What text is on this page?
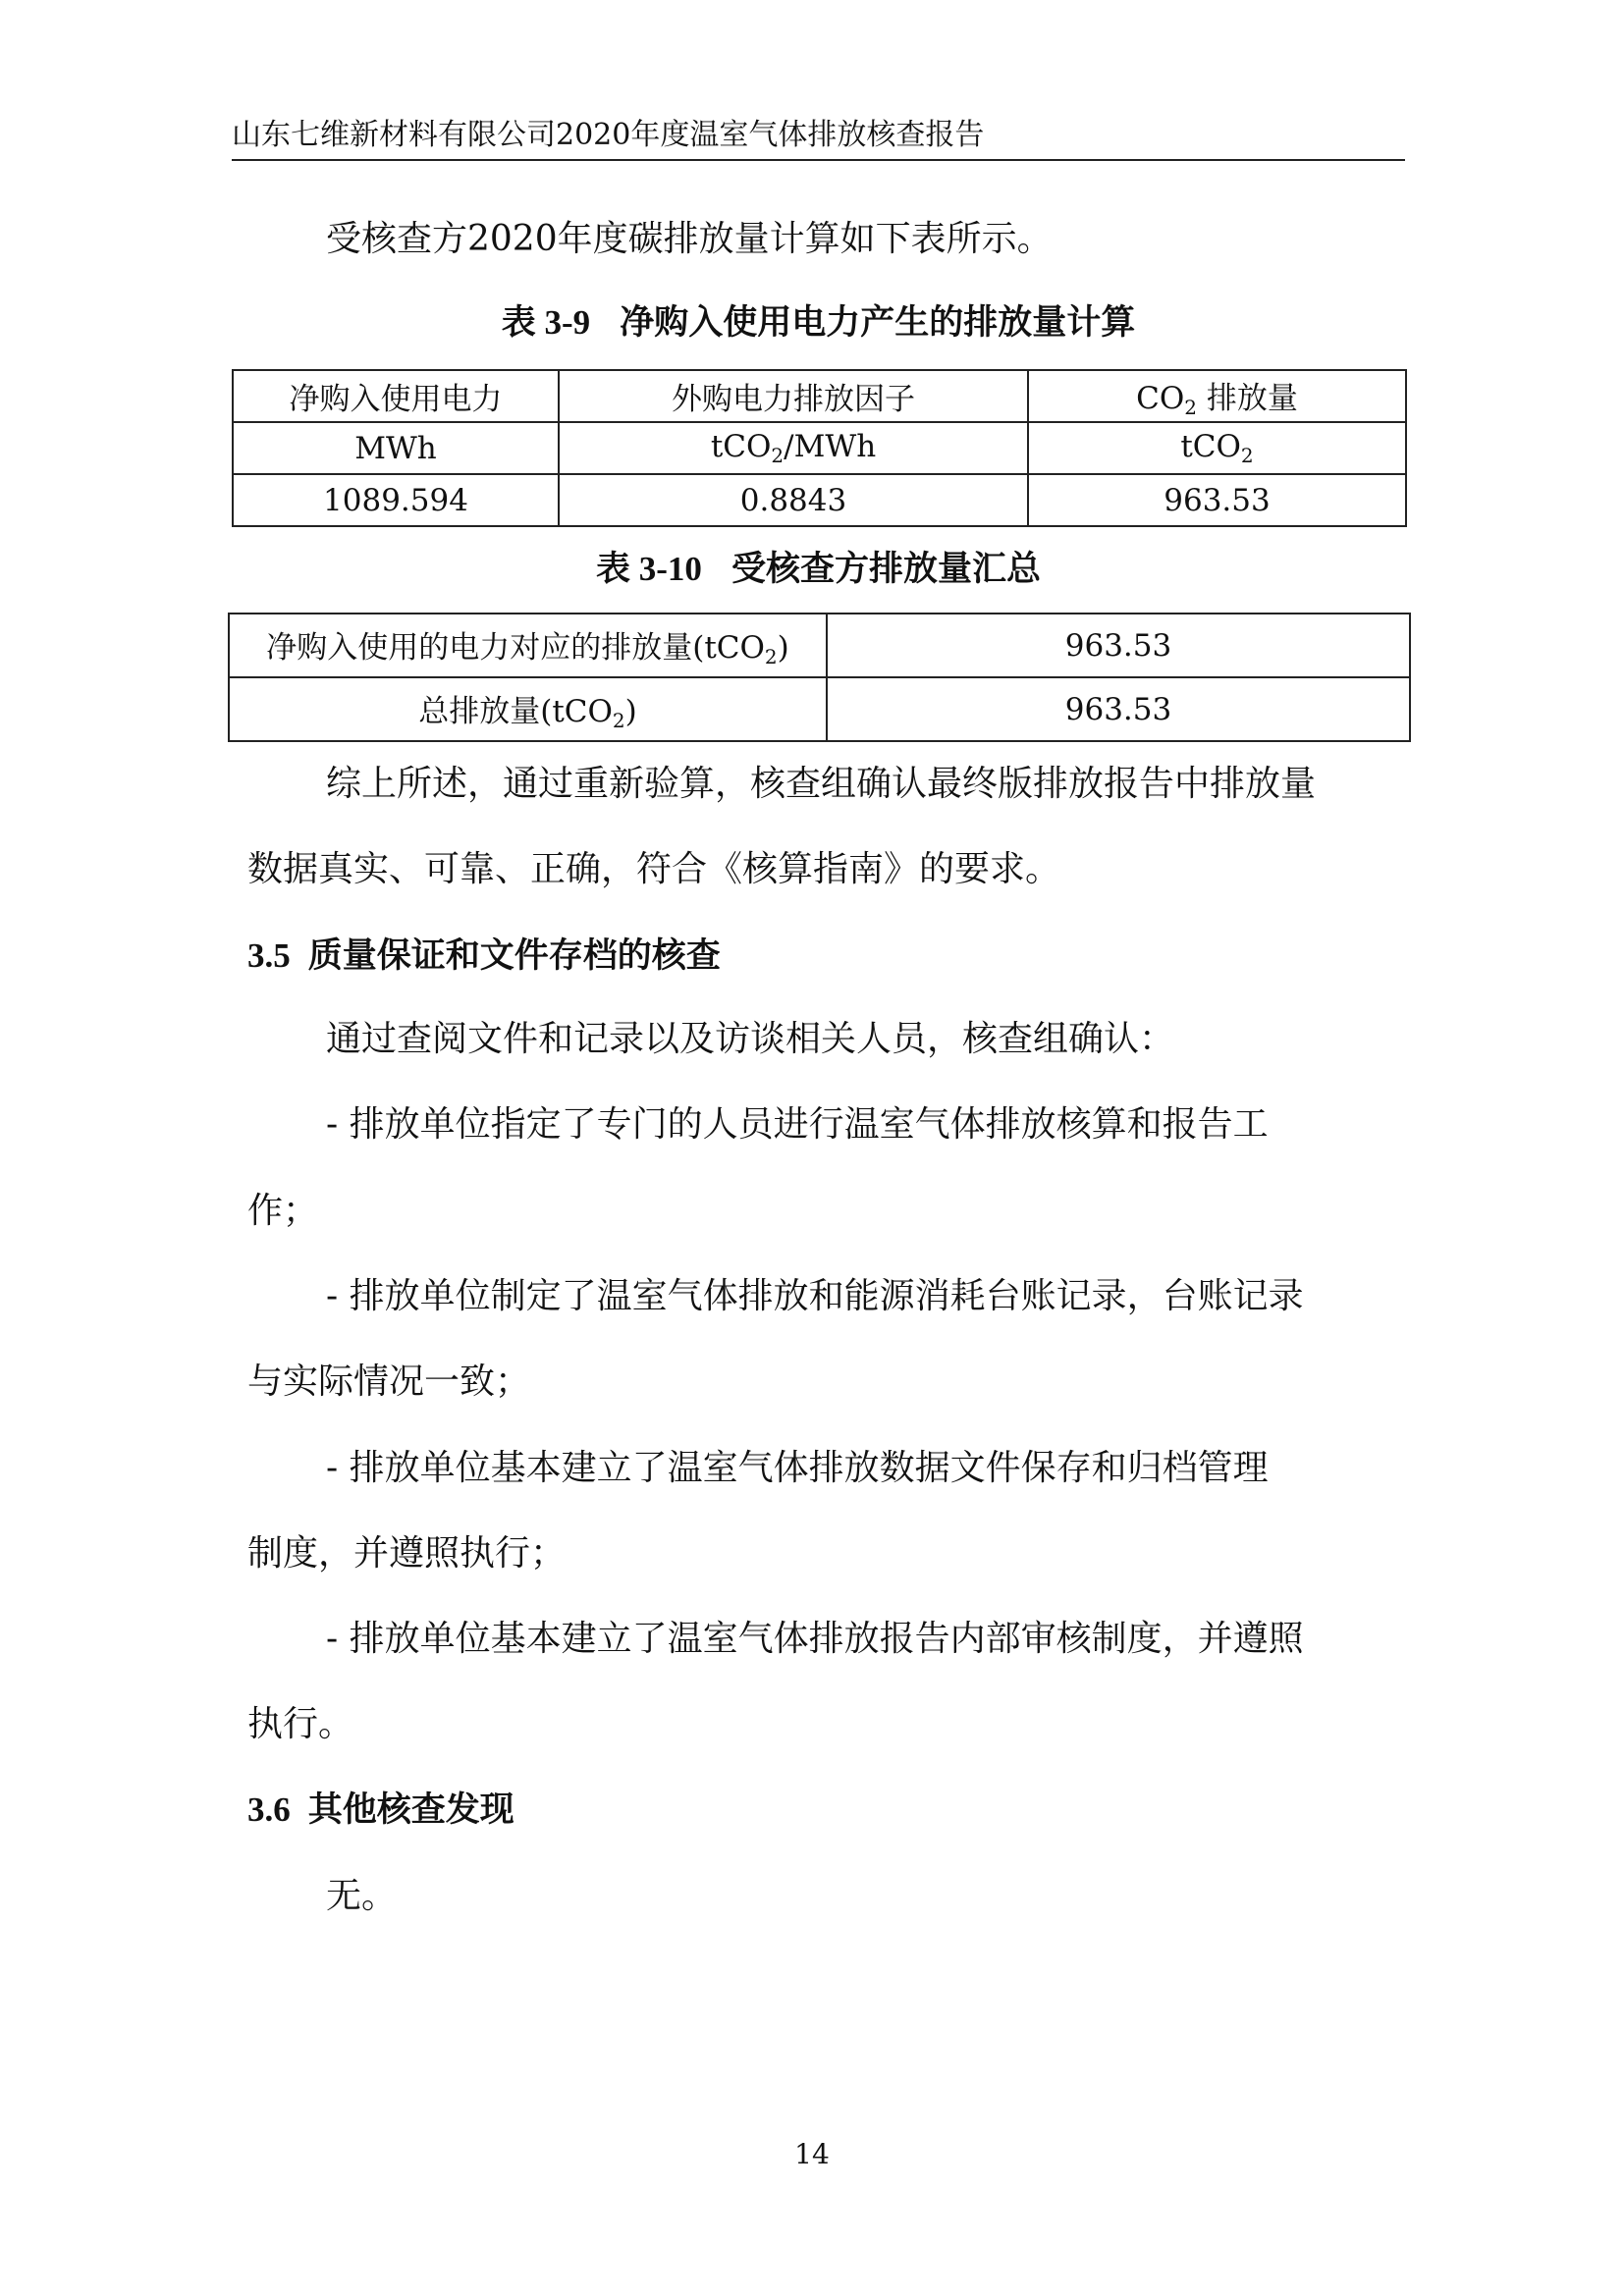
山东七维新材料有限公司2020年度温室气体排放核查报告
受核查方2020年度碳排放量计算如下表所示。
表 3-9 净购入使用电力产生的排放量计算
净购入使用电力	外购电力排放因子	$CO_2$ 排放量
MWh	tCO$_2$/MWh	tCO$_2$
1089.594	0.8843	963.53
表 3-10 受核查方排放量汇总
净购入使用的电力对应的排放量(tCO$_2$)	963.53
总排放量(tCO$_2$)	963.53
综上所述，通过重新验算，核查组确认最终版排放报告中排放量
数据真实、可靠、正确，符合《核算指南》的要求。
3.5 质量保证和文件存档的核查
通过查阅文件和记录以及访谈相关人员，核查组确认：
- 排放单位指定了专门的人员进行温室气体排放核算和报告工
作；
- 排放单位制定了温室气体排放和能源消耗台账记录，台账记录
与实际情况一致；
- 排放单位基本建立了温室气体排放数据文件保存和归档管理
制度，并遵照执行；
- 排放单位基本建立了温室气体排放报告内部审核制度，并遵照
执行。
3.6 其他核查发现
无。
14
